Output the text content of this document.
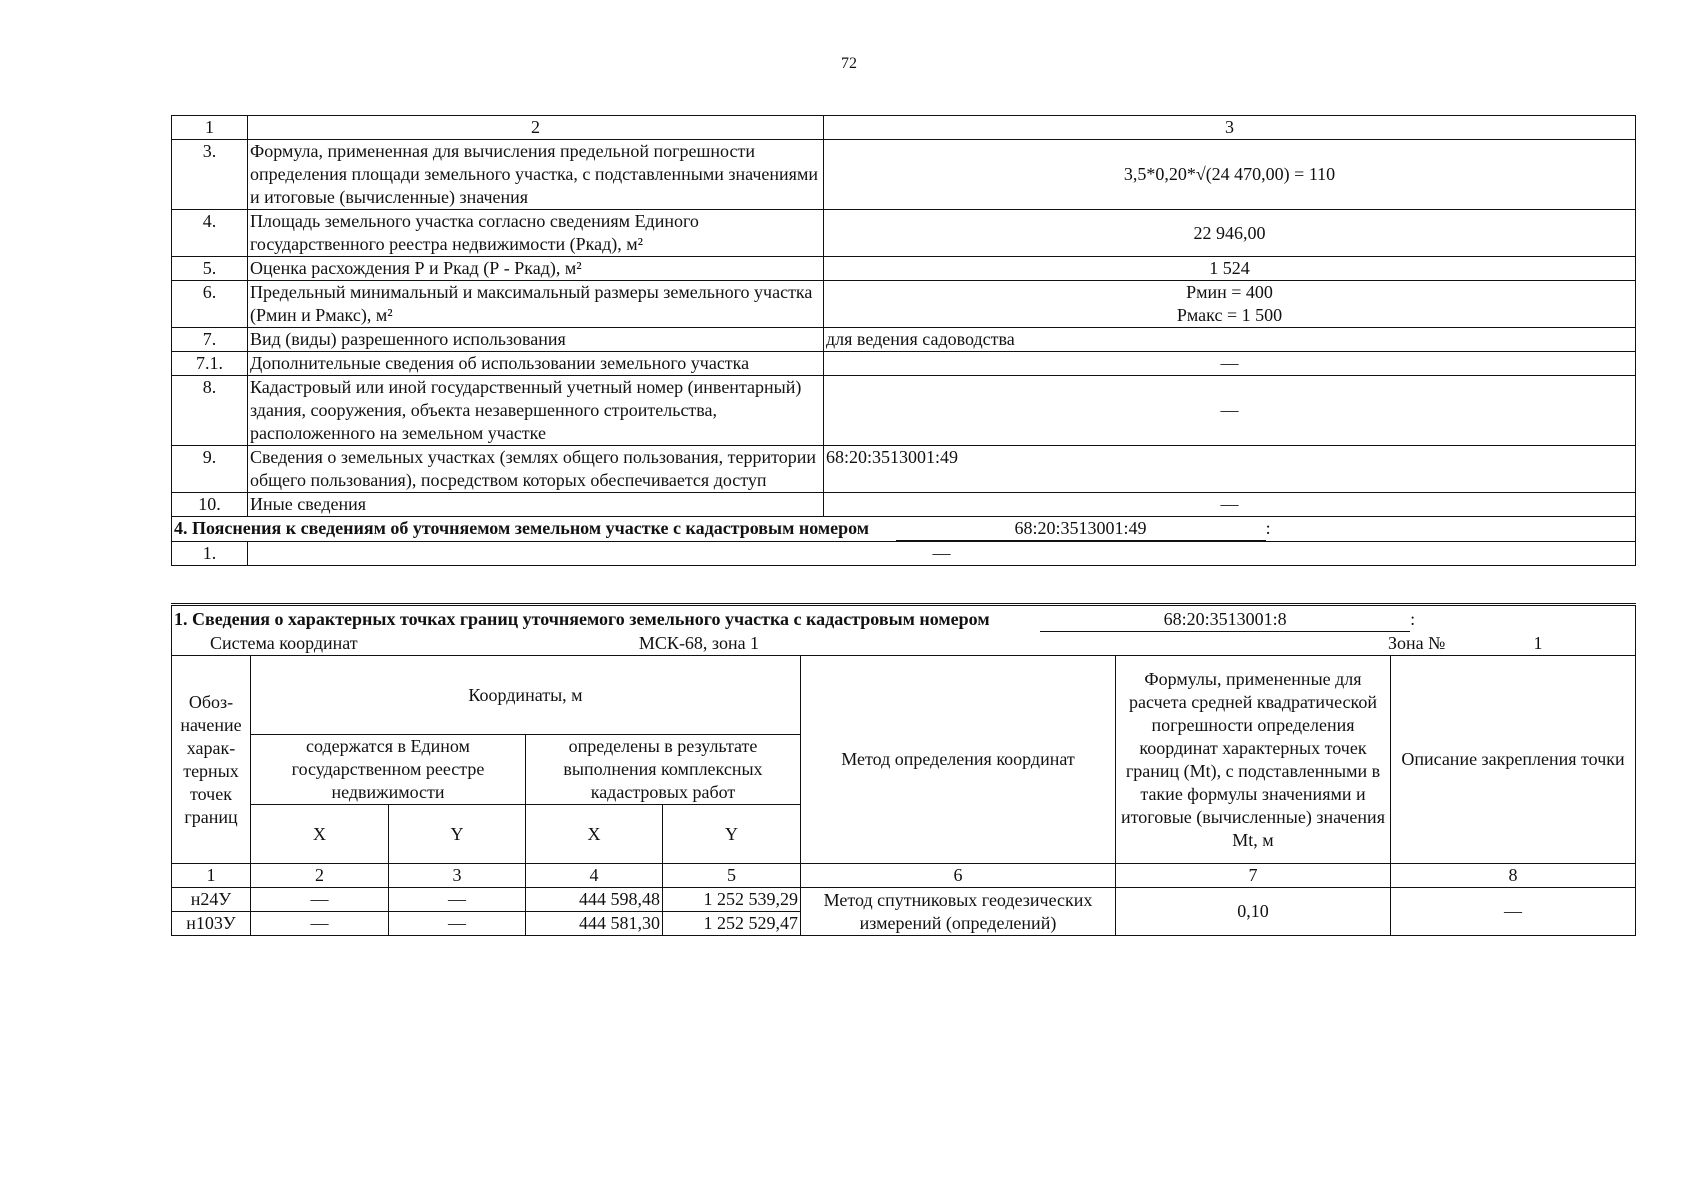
72
1	2	3
3.	Формула, примененная для вычисления предельной погрешности определения площади земельного участка, с подставленными значениями и итоговые (вычисленные) значения	3,5*0,20*√(24 470,00) = 110
4.	Площадь земельного участка согласно сведениям Единого государственного реестра недвижимости (Ркад), м²	22 946,00
5.	Оценка расхождения Р и Ркад (Р - Ркад), м²	1 524
6.	Предельный минимальный и максимальный размеры земельного участка (Рмин и Рмакс), м²	Рмин = 400
Рмакс = 1 500

7.	Вид (виды) разрешенного использования	для ведения садоводства
7.1.	Дополнительные сведения об использовании земельного участка	—
8.	Кадастровый или иной государственный учетный номер (инвентарный) здания, сооружения, объекта незавершенного строительства, расположенного на земельном участке	—
9.	Сведения о земельных участках (землях общего пользования, территории общего пользования), посредством которых обеспечивается доступ	68:20:3513001:49
10.	Иные сведения	—
4. Пояснения к сведениям об уточняемом земельном участке с кадастровым номером 68:20:3513001:49 :		
1.	—	
1. Сведения о характерных точках границ уточняемого земельного участка с кадастровым номером 68:20:3513001:8 :
Система координат МСК-68, зона 1 Зона № 1							

Обоз-начение харак-терных точек границ	Координаты, м				Метод определения координат	Формулы, примененные для расчета средней квадратической погрешности определения координат характерных точек границ (Mt), с подставленными в такие формулы значениями и итоговые (вычисленные) значения Mt, м	Описание закрепления точки
	содержатся в Едином государственном реестре недвижимости		определены в результате выполнения комплексных кадастровых работ				
	X	Y	X	Y			
1	2	3	4	5	6	7	8
н24У	—	—	444 598,48	1 252 539,29	Метод спутниковых геодезических измерений (определений)	0,10	—
н103У	—	—	444 581,30	1 252 529,47			
